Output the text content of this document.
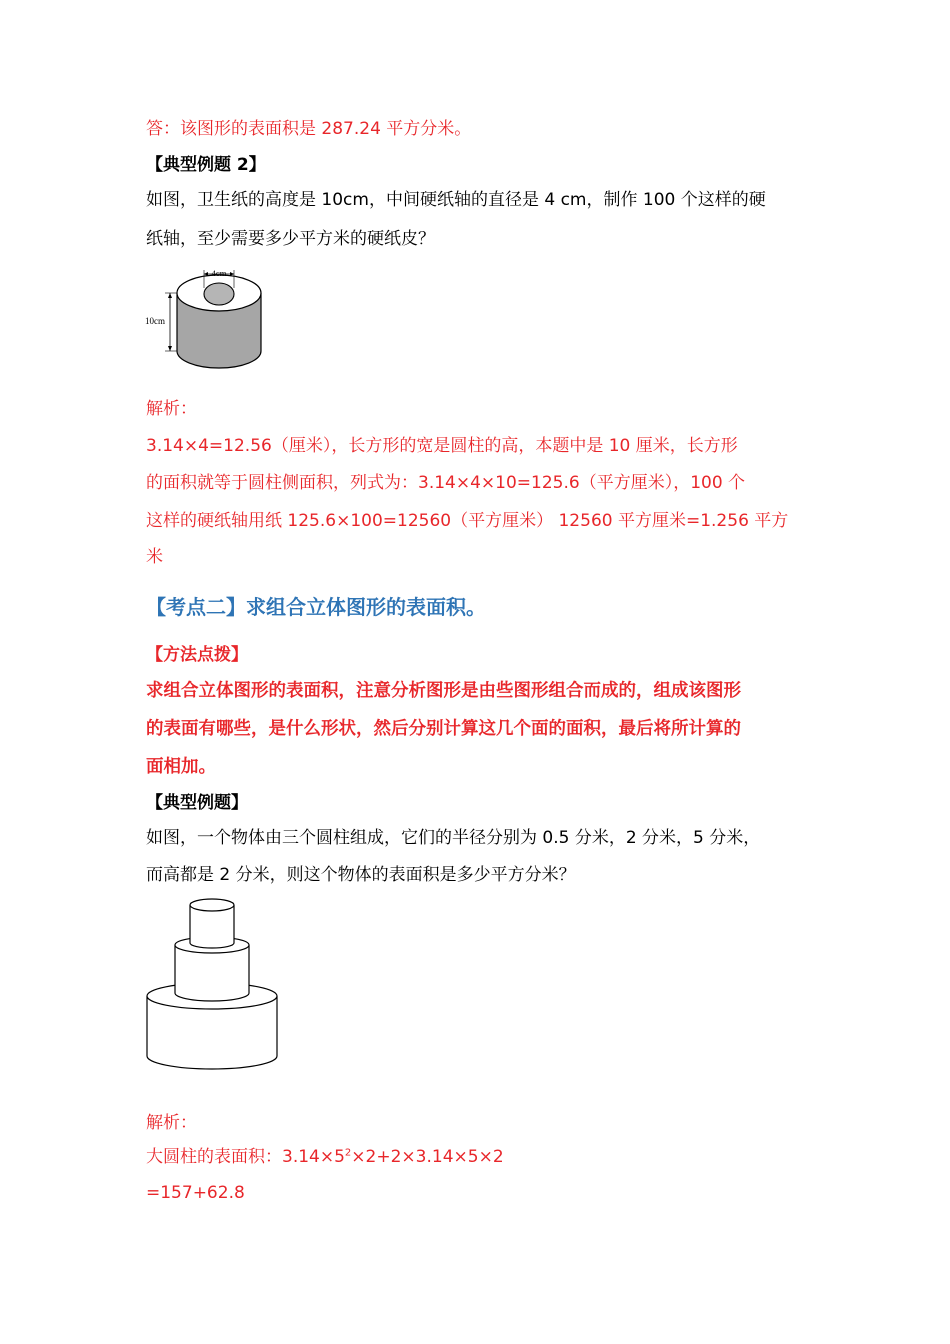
答：该图形的表面积是 287.24 平方分米。
【典型例题 2】
如图，卫生纸的高度是 10cm，中间硬纸轴的直径是 4 cm，制作 100 个这样的硬
纸轴，至少需要多少平方米的硬纸皮？
4cm
10cm
解析：
3.14×4=12.56（厘米），长方形的宽是圆柱的高，本题中是 10 厘米，长方形
的面积就等于圆柱侧面积，列式为：3.14×4×10=125.6（平方厘米），100 个
这样的硬纸轴用纸 125.6×100=12560（平方厘米） 12560 平方厘米=1.256 平方
米
【考点二】求组合立体图形的表面积。
【方法点拨】
求组合立体图形的表面积，注意分析图形是由些图形组合而成的，组成该图形
的表面有哪些，是什么形状，然后分别计算这几个面的面积，最后将所计算的
面相加。
【典型例题】
如图，一个物体由三个圆柱组成，它们的半径分别为 0.5 分米，2 分米，5 分米，
而高都是 2 分米，则这个物体的表面积是多少平方分米？
解析：
大圆柱的表面积：$3.14\times 5^2\times 2+2\times 3.14\times 5\times 2$
=157+62.8
